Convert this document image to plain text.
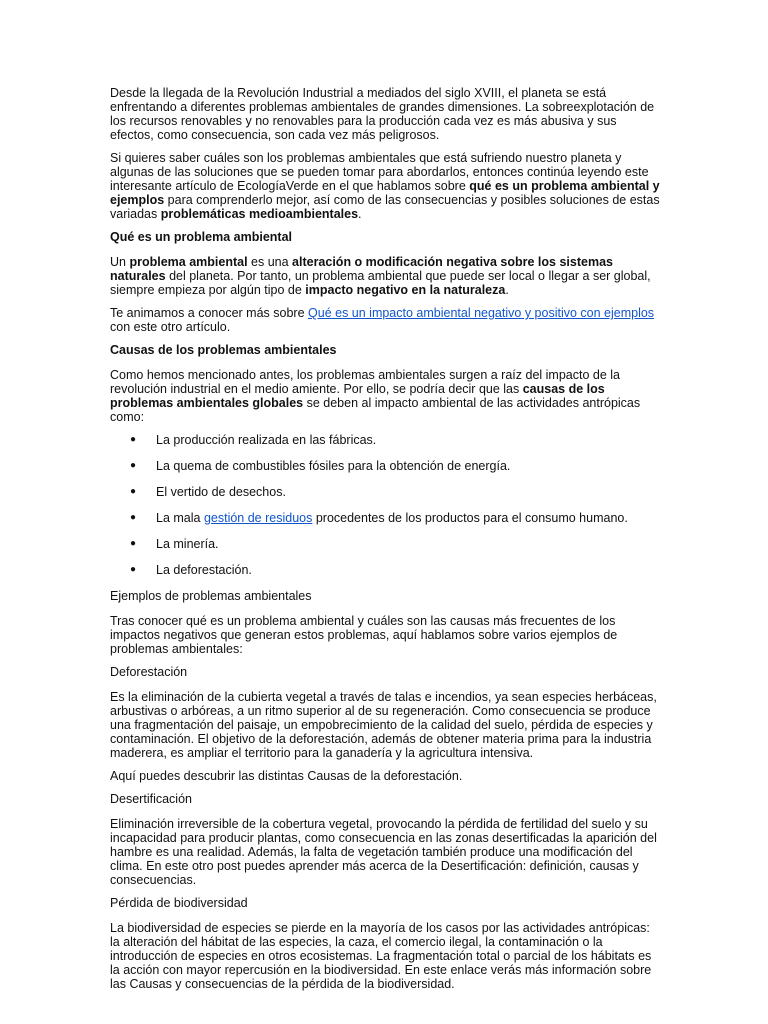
Desde la llegada de la Revolución Industrial a mediados del siglo XVIII, el planeta se está enfrentando a diferentes problemas ambientales de grandes dimensiones. La sobreexplotación de los recursos renovables y no renovables para la producción cada vez es más abusiva y sus efectos, como consecuencia, son cada vez más peligrosos.

Si quieres saber cuáles son los problemas ambientales que está sufriendo nuestro planeta y algunas de las soluciones que se pueden tomar para abordarlos, entonces continúa leyendo este interesante artículo de EcologíaVerde en el que hablamos sobre qué es un problema ambiental y ejemplos para comprenderlo mejor, así como de las consecuencias y posibles soluciones de estas variadas problemáticas medioambientales.

Qué es un problema ambiental

Un problema ambiental es una alteración o modificación negativa sobre los sistemas naturales del planeta. Por tanto, un problema ambiental que puede ser local o llegar a ser global, siempre empieza por algún tipo de impacto negativo en la naturaleza.

Te animamos a conocer más sobre Qué es un impacto ambiental negativo y positivo con ejemplos con este otro artículo.

Causas de los problemas ambientales

Como hemos mencionado antes, los problemas ambientales surgen a raíz del impacto de la revolución industrial en el medio amiente. Por ello, se podría decir que las causas de los problemas ambientales globales se deben al impacto ambiental de las actividades antrópicas como:

● La producción realizada en las fábricas.
● La quema de combustibles fósiles para la obtención de energía.
● El vertido de desechos.
● La mala gestión de residuos procedentes de los productos para el consumo humano.
● La minería.
● La deforestación.

Ejemplos de problemas ambientales

Tras conocer qué es un problema ambiental y cuáles son las causas más frecuentes de los impactos negativos que generan estos problemas, aquí hablamos sobre varios ejemplos de problemas ambientales:

Deforestación

Es la eliminación de la cubierta vegetal a través de talas e incendios, ya sean especies herbáceas, arbustivas o arbóreas, a un ritmo superior al de su regeneración. Como consecuencia se produce una fragmentación del paisaje, un empobrecimiento de la calidad del suelo, pérdida de especies y contaminación. El objetivo de la deforestación, además de obtener materia prima para la industria maderera, es ampliar el territorio para la ganadería y la agricultura intensiva.

Aquí puedes descubrir las distintas Causas de la deforestación.

Desertificación

Eliminación irreversible de la cobertura vegetal, provocando la pérdida de fertilidad del suelo y su incapacidad para producir plantas, como consecuencia en las zonas desertificadas la aparición del hambre es una realidad. Además, la falta de vegetación también produce una modificación del clima. En este otro post puedes aprender más acerca de la Desertificación: definición, causas y consecuencias.

Pérdida de biodiversidad

La biodiversidad de especies se pierde en la mayoría de los casos por las actividades antrópicas: la alteración del hábitat de las especies, la caza, el comercio ilegal, la contaminación o la introducción de especies en otros ecosistemas. La fragmentación total o parcial de los hábitats es la acción con mayor repercusión en la biodiversidad. En este enlace verás más información sobre las Causas y consecuencias de la pérdida de la biodiversidad.
